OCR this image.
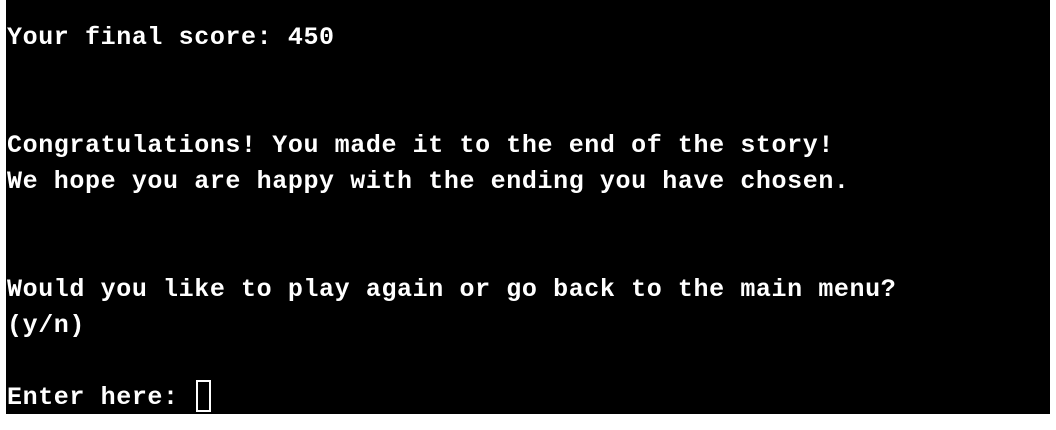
Your final score: 450

Congratulations! You made it to the end of the story!

We hope you are happy with the ending you have chosen.

Would you like to play again or go back to the main menu?

(y/n)

Enter here:
